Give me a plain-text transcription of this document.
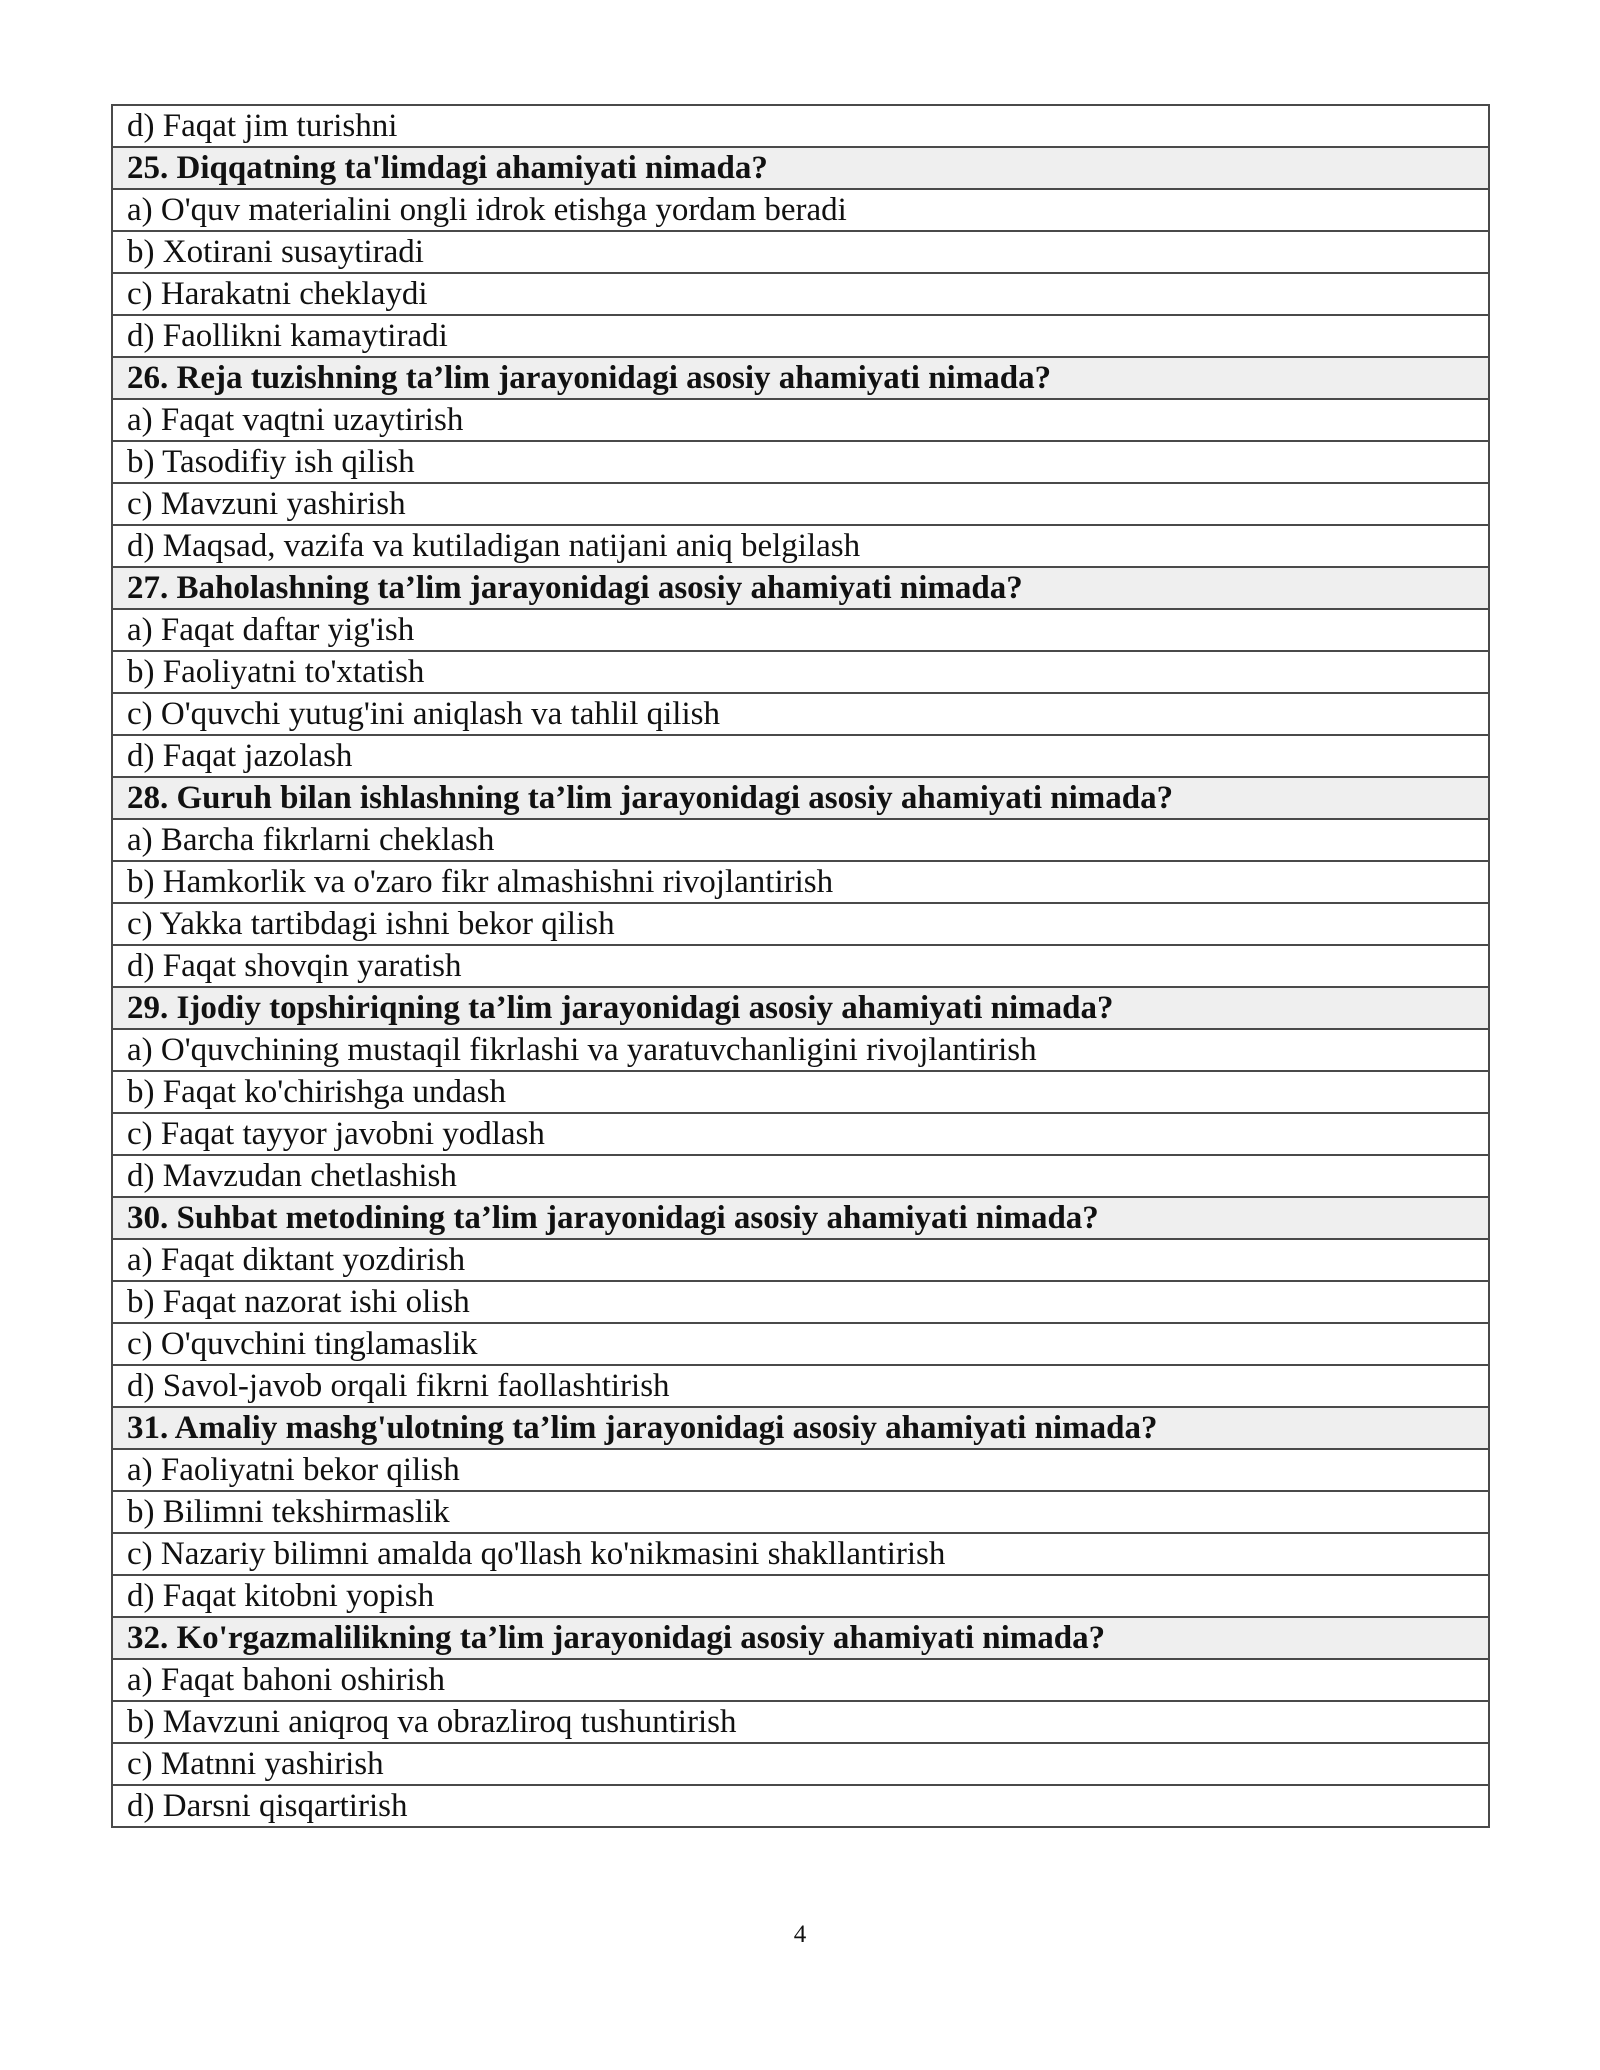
d) Faqat jim turishni
25. Diqqatning ta'limdagi ahamiyati nimada?
a) O'quv materialini ongli idrok etishga yordam beradi
b) Xotirani susaytiradi
c) Harakatni cheklaydi
d) Faollikni kamaytiradi
26. Reja tuzishning ta’lim jarayonidagi asosiy ahamiyati nimada?
a) Faqat vaqtni uzaytirish
b) Tasodifiy ish qilish
c) Mavzuni yashirish
d) Maqsad, vazifa va kutiladigan natijani aniq belgilash
27. Baholashning ta’lim jarayonidagi asosiy ahamiyati nimada?
a) Faqat daftar yig'ish
b) Faoliyatni to'xtatish
c) O'quvchi yutug'ini aniqlash va tahlil qilish
d) Faqat jazolash
28. Guruh bilan ishlashning ta’lim jarayonidagi asosiy ahamiyati nimada?
a) Barcha fikrlarni cheklash
b) Hamkorlik va o'zaro fikr almashishni rivojlantirish
c) Yakka tartibdagi ishni bekor qilish
d) Faqat shovqin yaratish
29. Ijodiy topshiriqning ta’lim jarayonidagi asosiy ahamiyati nimada?
a) O'quvchining mustaqil fikrlashi va yaratuvchanligini rivojlantirish
b) Faqat ko'chirishga undash
c) Faqat tayyor javobni yodlash
d) Mavzudan chetlashish
30. Suhbat metodining ta’lim jarayonidagi asosiy ahamiyati nimada?
a) Faqat diktant yozdirish
b) Faqat nazorat ishi olish
c) O'quvchini tinglamaslik
d) Savol-javob orqali fikrni faollashtirish
31. Amaliy mashg'ulotning ta’lim jarayonidagi asosiy ahamiyati nimada?
a) Faoliyatni bekor qilish
b) Bilimni tekshirmaslik
c) Nazariy bilimni amalda qo'llash ko'nikmasini shakllantirish
d) Faqat kitobni yopish
32. Ko'rgazmalilikning ta’lim jarayonidagi asosiy ahamiyati nimada?
a) Faqat bahoni oshirish
b) Mavzuni aniqroq va obrazliroq tushuntirish
c) Matnni yashirish
d) Darsni qisqartirish
4
